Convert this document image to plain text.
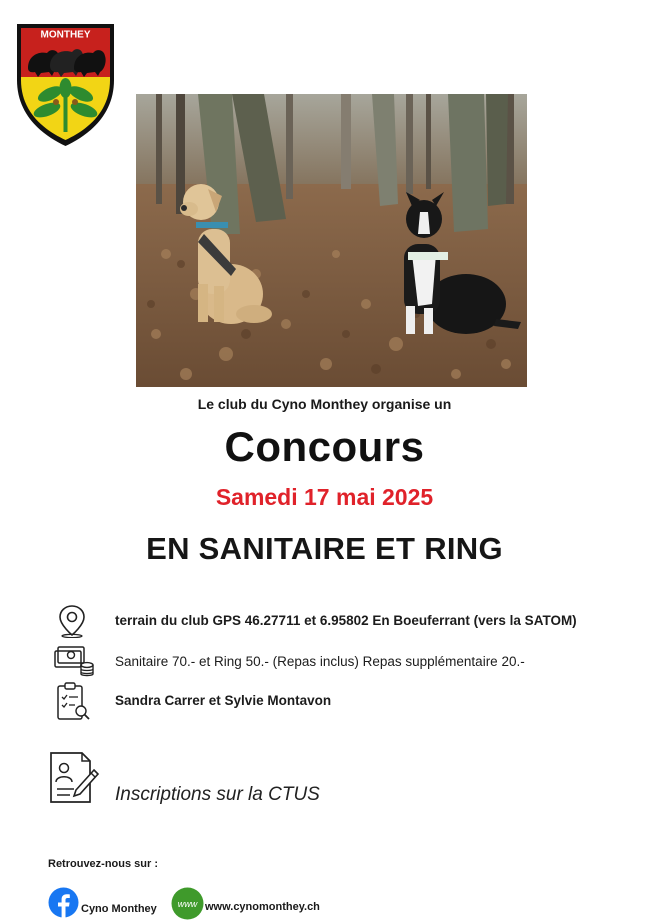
MONTHEY
Le club du Cyno Monthey organise un
Concours
Samedi 17 mai 2025
EN SANITAIRE ET RING
terrain du club GPS 46.27711 et 6.95802 En Boeuferrant (vers la SATOM)
Sanitaire 70.- et Ring 50.- (Repas inclus) Repas supplémentaire 20.-
Sandra Carrer et Sylvie Montavon
Inscriptions sur la CTUS
Retrouvez-nous sur :
Cyno Monthey www www.cynomonthey.ch
